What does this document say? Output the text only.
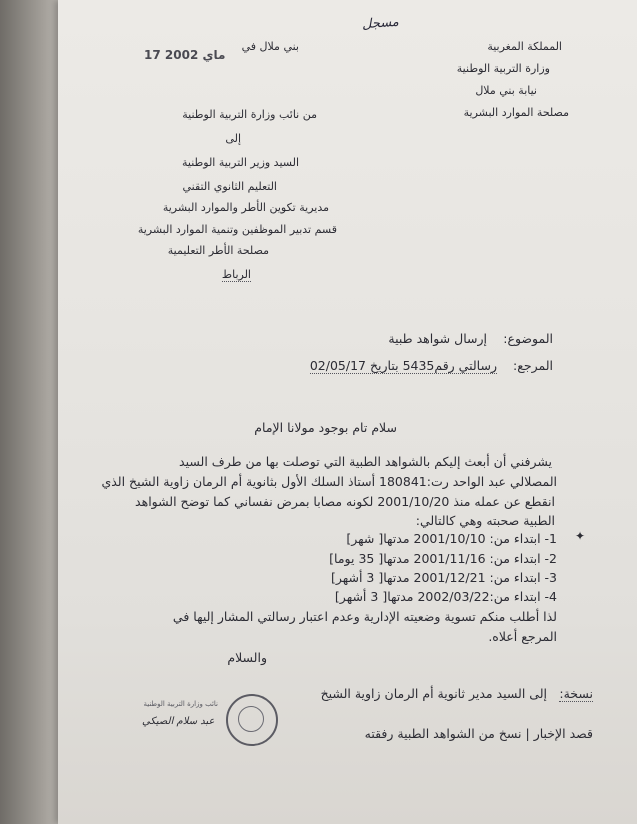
مسجل
17 ماي 2002
المملكة المغربية
وزارة التربية الوطنية
نيابة بني ملال
مصلحة الموارد البشرية
بني ملال في
من نائب وزارة التربية الوطنية
إلى
السيد وزير التربية الوطنية
التعليم الثانوي التقني
مديرية تكوين الأطر والموارد البشرية
قسم تدبير الموظفين وتنمية الموارد البشرية
مصلحة الأطر التعليمية
الرباط
الموضوع:
إرسال شواهد طبية
المرجع:
رسالتي رقم5435 بتاريخ 02/05/17
سلام تام بوجود مولانا الإمام
يشرفني أن أبعث إليكم بالشواهد الطبية التي توصلت بها من طرف السيد
المصلالي عبد الواحد رت:180841 أستاذ السلك الأول بثانوية أم الرمان زاوية الشيخ الذي
انقطع عن عمله منذ 2001/10/20 لكونه مصابا بمرض نفساني كما توضح الشواهد
الطبية صحبته وهي كالتالي:
✦
1- ابتداء من: 2001/10/10 مدتها[ شهر]
2- ابتداء من: 2001/11/16 مدتها[ 35 يوما]
3- ابتداء من: 2001/12/21 مدتها[ 3 أشهر]
4- ابتداء من:2002/03/22 مدتها[ 3 أشهر]
لذا أطلب منكم تسوية وضعيته الإدارية وعدم اعتبار رسالتي المشار إليها في
المرجع أعلاه.
والسلام
نسخة:
إلى السيد مدير ثانوية أم الرمان زاوية الشيخ
قصد الإخبار | نسخ من الشواهد الطبية رفقته
نائب وزارة التربية الوطنية
عبد سلام الصيكي
